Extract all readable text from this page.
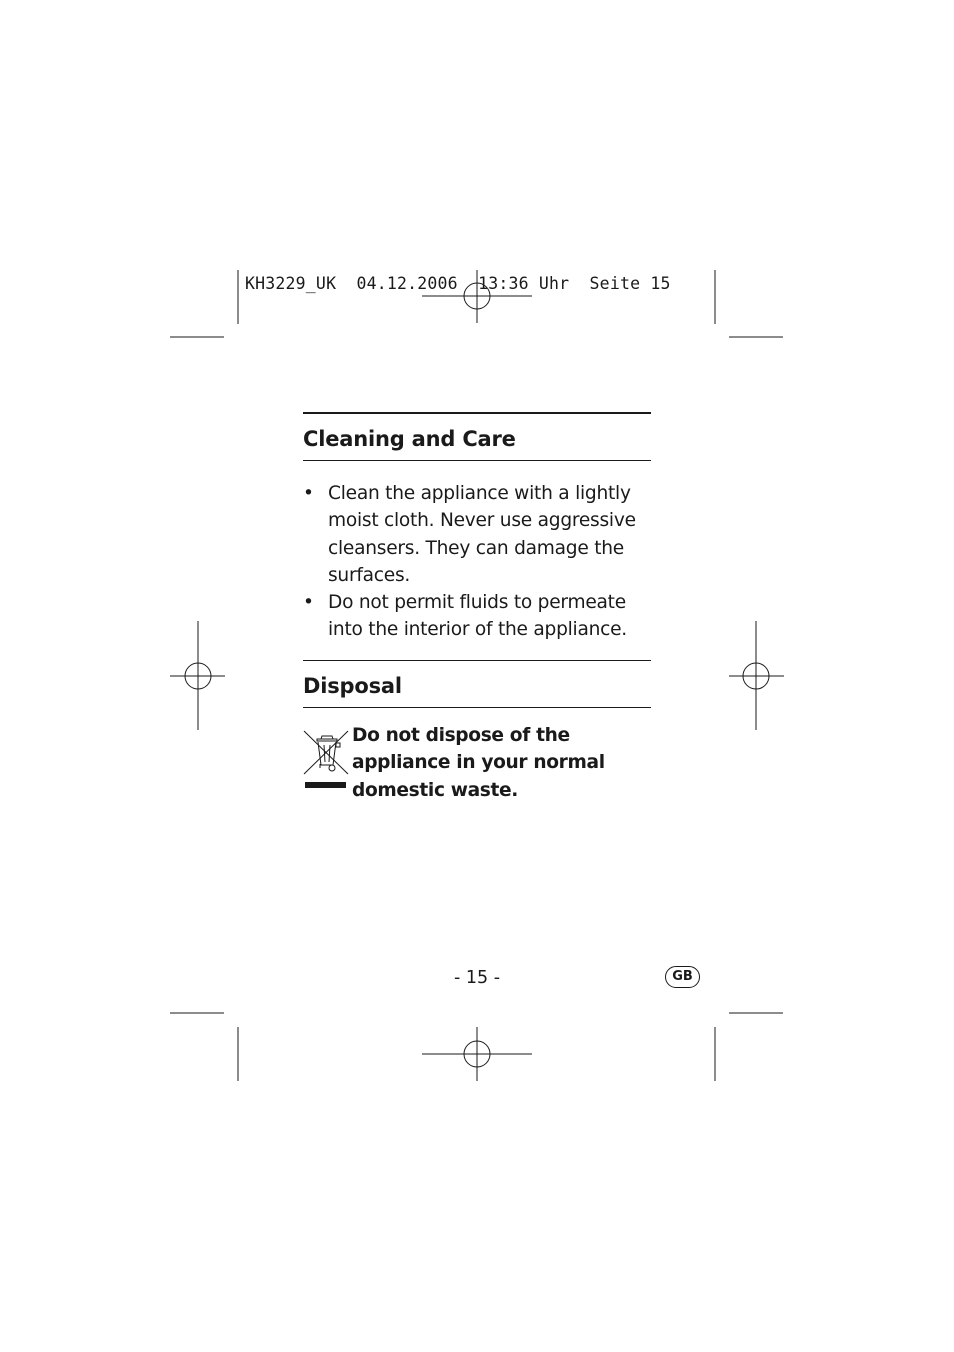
KH3229_UK  04.12.2006  13:36 Uhr  Seite 15
Cleaning and Care
• Clean the appliance with a lightly moist cloth. Never use aggressive cleansers. They can damage the surfaces.
• Do not permit fluids to permeate into the interior of the appliance.
Disposal
Do not dispose of the appliance in your normal domestic waste.
- 15 -	GB
